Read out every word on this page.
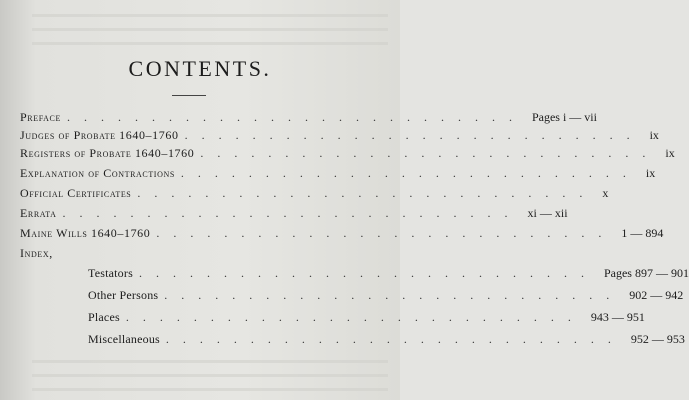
CONTENTS.
Preface ........................... Pages i — vii
Judges of Probate 1640–1760 ........................... ix
Registers of Probate 1640–1760 ........................... ix
Explanation of Contractions ........................... ix
Official Certificates ........................... x
Errata ........................... xi — xii
Maine Wills 1640–1760 ........................... 1 — 894
Index,
Testators ........................... Pages 897 — 901
Other Persons ........................... 902 — 942
Places ........................... 943 — 951
Miscellaneous ........................... 952 — 953
